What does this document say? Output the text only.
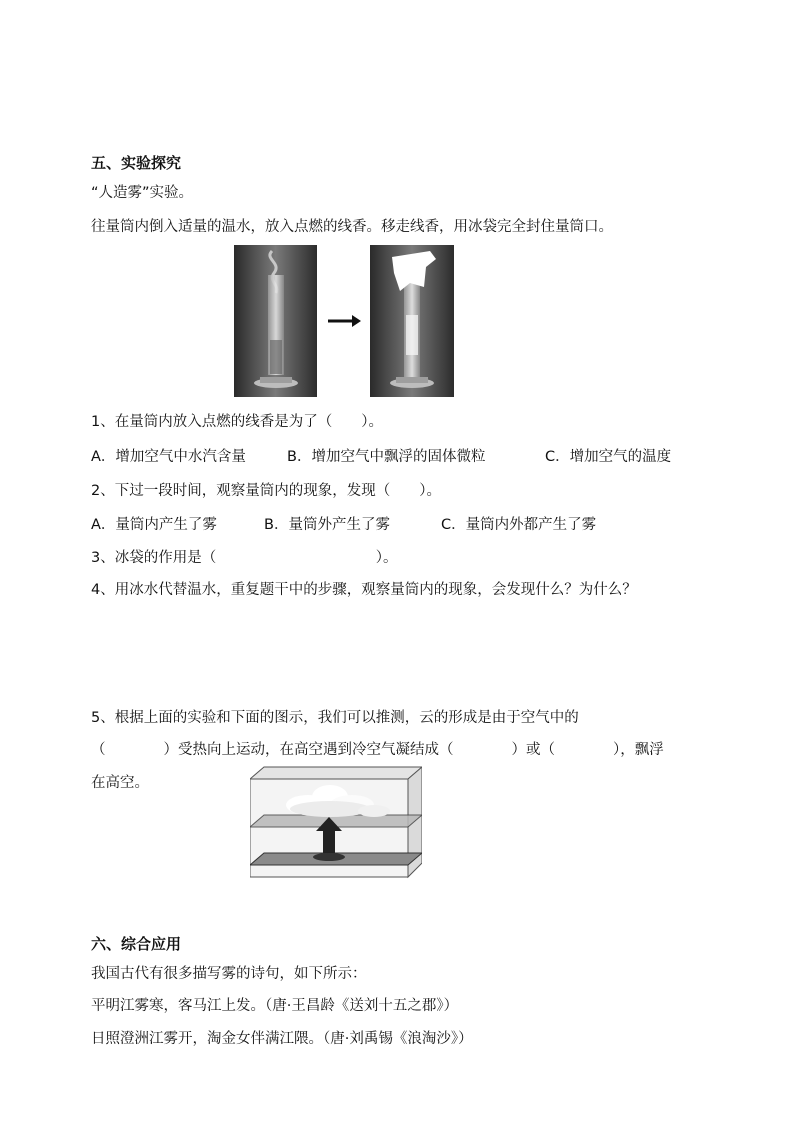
五、实验探究
“人造雾”实验。
往量筒内倒入适量的温水，放入点燃的线香。移走线香，用冰袋完全封住量筒口。
1、在量筒内放入点燃的线香是为了（　　）。
A．增加空气中水汽含量	B．增加空气中飘浮的固体微粒	C．增加空气的温度
2、下过一段时间，观察量筒内的现象，发现（　　）。
A．量筒内产生了雾	B．量筒外产生了雾	C．量筒内外都产生了雾
3、冰袋的作用是（　　　　　　　　　　　）。
4、用冰水代替温水，重复题干中的步骤，观察量筒内的现象，会发现什么？为什么？
5、根据上面的实验和下面的图示，我们可以推测，云的形成是由于空气中的
（　　　　）受热向上运动，在高空遇到冷空气凝结成（　　　　）或（　　　　），飘浮
在高空。
六、综合应用
我国古代有很多描写雾的诗句，如下所示：
平明江雾寒，客马江上发。（唐·王昌龄《送刘十五之郡》）
日照澄洲江雾开，淘金女伴满江隈。（唐·刘禹锡《浪淘沙》）
